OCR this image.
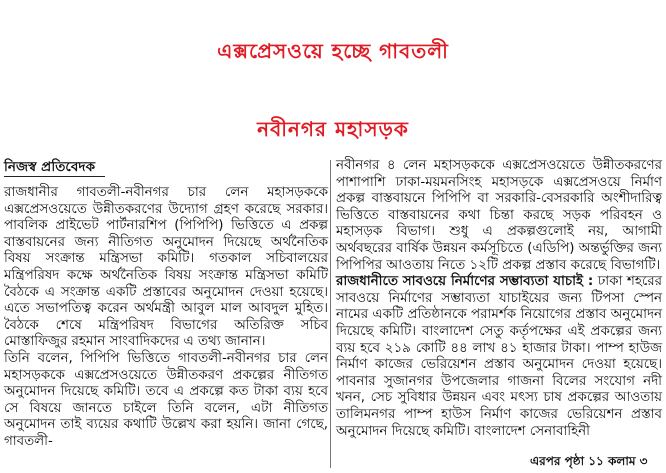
এক্সপ্রেসওয়ে হচ্ছে গাবতলী
নবীনগর মহাসড়ক
নিজস্ব প্রতিবেদক

রাজধানীর গাবতলী-নবীনগর চার লেন মহাসড়ককে এক্সপ্রেসওয়েতে উন্নীতকরণের উদ্যোগ গ্রহণ করেছে সরকার। পাবলিক প্রাইভেট পার্টনারশিপ (পিপিপি) ভিত্তিতে এ প্রকল্প বাস্তবায়নের জন্য নীতিগত অনুমোদন দিয়েছে অর্থনৈতিক বিষয় সংক্রান্ত মন্ত্রিসভা কমিটি। গতকাল সচিবালয়ের মন্ত্রিপরিষদ কক্ষে অর্থনৈতিক বিষয় সংক্রান্ত মন্ত্রিসভা কমিটি বৈঠকে এ সংক্রান্ত একটি প্রস্তাবের অনুমোদন দেওয়া হয়েছে। এতে সভাপতিত্ব করেন অর্থমন্ত্রী আবুল মাল আবদুল মুহিত। বৈঠকে শেষে মন্ত্রিপরিষদ বিভাগের অতিরিক্ত সচিব মোস্তাফিজুর রহমান সাংবাদিকদের এ তথ্য জানান।

তিনি বলেন, পিপিপি ভিত্তিতে গাবতলী-নবীনগর চার লেন মহাসড়ককে এক্সপ্রেসওয়েতে উন্নীতকরণ প্রকল্পের নীতিগত অনুমোদন দিয়েছে কমিটি। তবে এ প্রকল্পে কত টাকা ব্যয় হবে সে বিষয়ে জানতে চাইলে তিনি বলেন, এটা নীতিগত অনুমোদন তাই ব্যয়ের কথাটি উল্লেখ করা হয়নি। জানা গেছে, গাবতলী-

নবীনগর ৪ লেন মহাসড়ককে এক্সপ্রেসওয়েতে উন্নীতকরণের পাশাপাশি ঢাকা-ময়মনসিংহ মহাসড়কে এক্সপ্রেসওয়ে নির্মাণ প্রকল্প বাস্তবায়নে পিপিপি বা সরকারি-বেসরকারি অংশীদারিত্ব ভিত্তিতে বাস্তবায়নের কথা চিন্তা করছে সড়ক পরিবহন ও মহাসড়ক বিভাগ। শুধু এ প্রকল্পগুলোই নয়, আগামী অর্থবছরের বার্ষিক উন্নয়ন কর্মসূচিতে (এডিপি) অন্তর্ভুক্তির জন্য পিপিপির আওতায় নিতে ১২টি প্রকল্প প্রস্তাব করেছে বিভাগটি।

রাজধানীতে সাবওয়ে নির্মাণের সম্ভাব্যতা যাচাই : ঢাকা শহরের সাবওয়ে নির্মাণের সম্ভাব্যতা যাচাইয়ের জন্য টিপসা স্পেন নামের একটি প্রতিষ্ঠানকে পরামর্শক নিয়োগের প্রস্তাব অনুমোদন দিয়েছে কমিটি। বাংলাদেশ সেতু কর্তৃপক্ষের এই প্রকল্পের জন্য ব্যয় হবে ২১৯ কোটি ৪৪ লাখ ৪১ হাজার টাকা। পাম্প হাউজ নির্মাণ কাজের ভেরিয়েশন প্রস্তাব অনুমোদন দেওয়া হয়েছে। পাবনার সুজানগর উপজেলার গাজনা বিলের সংযোগ নদী খনন, সেচ সুবিধার উন্নয়ন এবং মৎস্য চাষ প্রকল্পের আওতায় তালিমনগর পাম্প হাউস নির্মাণ কাজের ভেরিয়েশন প্রস্তাব অনুমোদন দিয়েছে কমিটি। বাংলাদেশ সেনাবাহিনী

এরপর পৃষ্ঠা ১১ কলাম ৩
